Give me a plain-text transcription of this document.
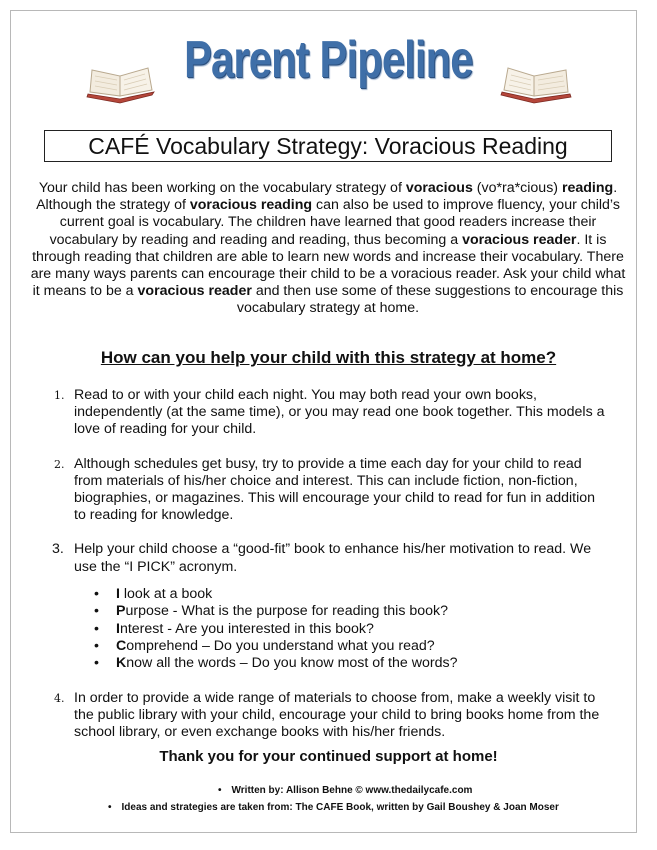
Parent Pipeline
CAFÉ Vocabulary Strategy: Voracious Reading
Your child has been working on the vocabulary strategy of voracious (vo*ra*cious) reading. Although the strategy of voracious reading can also be used to improve fluency, your child’s current goal is vocabulary. The children have learned that good readers increase their vocabulary by reading and reading and reading, thus becoming a voracious reader. It is through reading that children are able to learn new words and increase their vocabulary. There are many ways parents can encourage their child to be a voracious reader. Ask your child what it means to be a voracious reader and then use some of these suggestions to encourage this vocabulary strategy at home.
How can you help your child with this strategy at home?
1. Read to or with your child each night. You may both read your own books, independently (at the same time), or you may read one book together. This models a love of reading for your child.
2. Although schedules get busy, try to provide a time each day for your child to read from materials of his/her choice and interest. This can include fiction, non-fiction, biographies, or magazines. This will encourage your child to read for fun in addition to reading for knowledge.
3. Help your child choose a “good-fit” book to enhance his/her motivation to read. We use the “I PICK” acronym.
• I look at a book
• Purpose - What is the purpose for reading this book?
• Interest - Are you interested in this book?
• Comprehend – Do you understand what you read?
• Know all the words – Do you know most of the words?
4. In order to provide a wide range of materials to choose from, make a weekly visit to the public library with your child, encourage your child to bring books home from the school library, or even exchange books with his/her friends.
Thank you for your continued support at home!
• Written by: Allison Behne © www.thedailycafe.com
• Ideas and strategies are taken from: The CAFE Book, written by Gail Boushey & Joan Moser
